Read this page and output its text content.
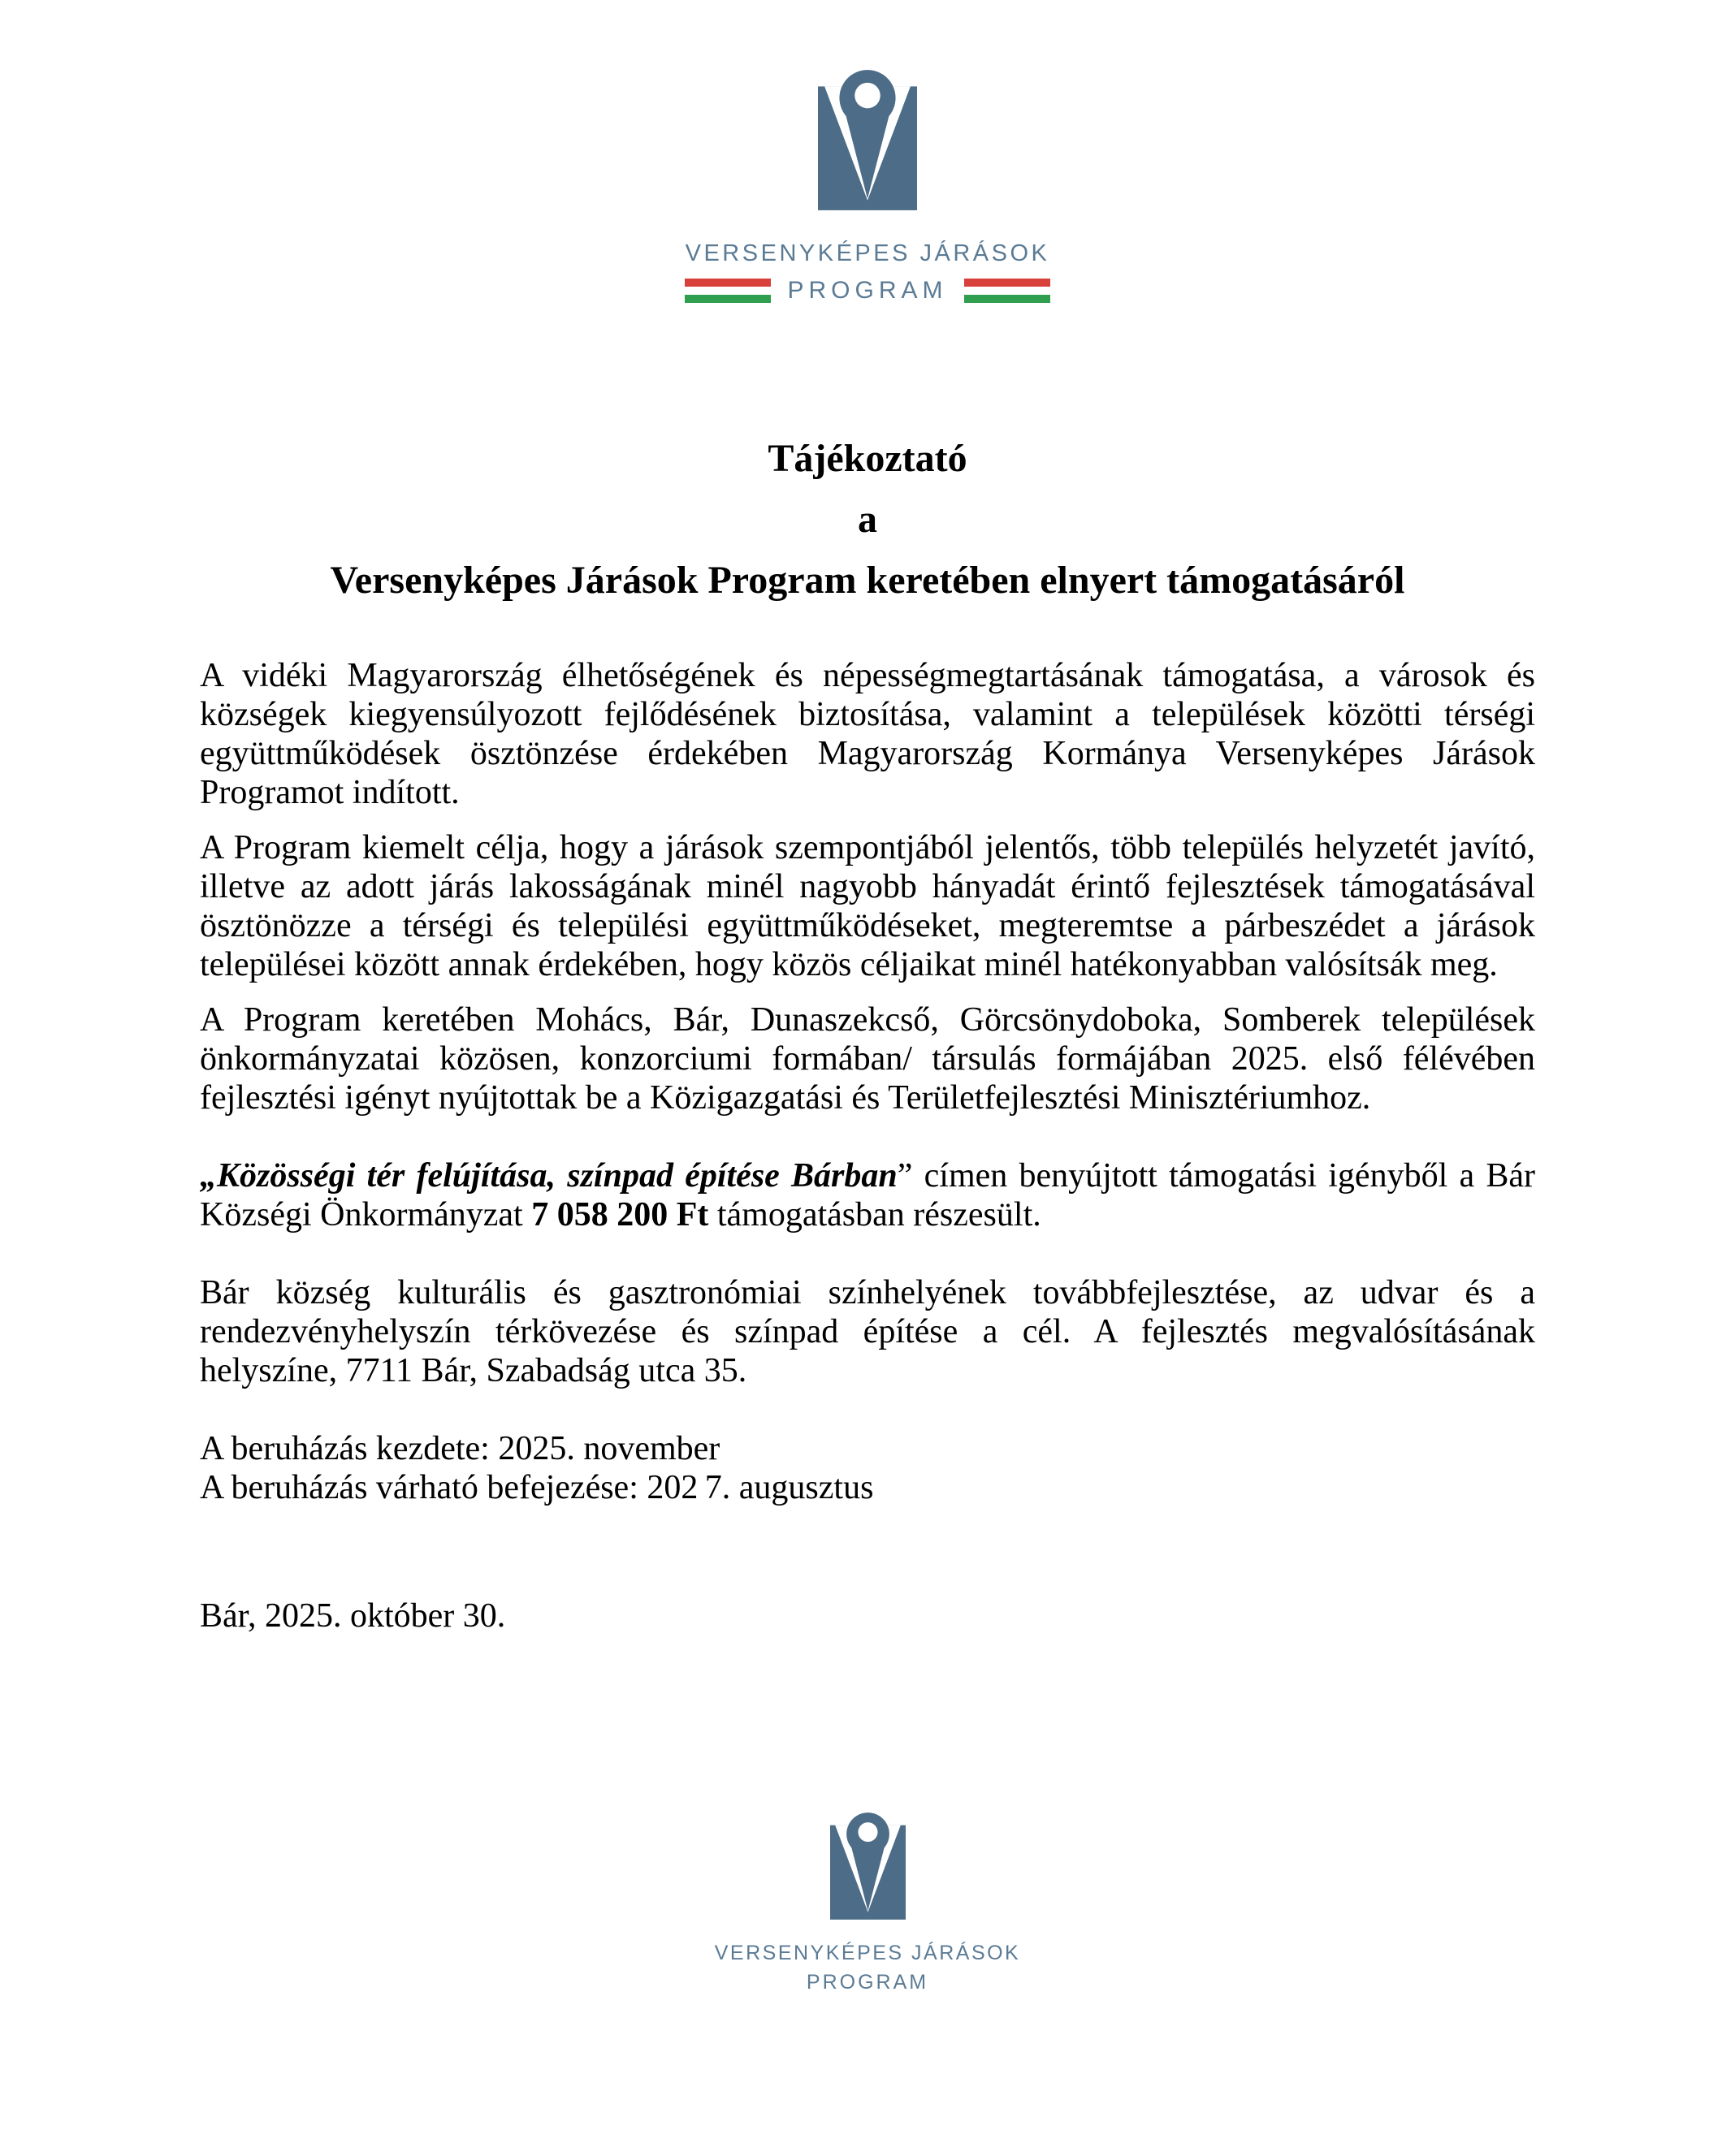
VERSENYKÉPES JÁRÁSOK
PROGRAM
Tájékoztató
a
Versenyképes Járások Program keretében elnyert támogatásáról

A vidéki Magyarország élhetőségének és népességmegtartásának támogatása, a városok és községek kiegyensúlyozott fejlődésének biztosítása, valamint a települések közötti térségi együttműködések ösztönzése érdekében Magyarország Kormánya Versenyképes Járások Programot indított.

A Program kiemelt célja, hogy a járások szempontjából jelentős, több település helyzetét javító, illetve az adott járás lakosságának minél nagyobb hányadát érintő fejlesztések támogatásával ösztönözze a térségi és települési együttműködéseket, megteremtse a párbeszédet a járások települései között annak érdekében, hogy közös céljaikat minél hatékonyabban valósítsák meg.

A Program keretében Mohács, Bár, Dunaszekcső, Görcsönydoboka, Somberek települések önkormányzatai közösen, konzorciumi formában/ társulás formájában 2025. első félévében fejlesztési igényt nyújtottak be a Közigazgatási és Területfejlesztési Minisztériumhoz.

„Közösségi tér felújítása, színpad építése Bárban” címen benyújtott támogatási igényből a Bár Községi Önkormányzat 7 058 200 Ft támogatásban részesült.

Bár község kulturális és gasztronómiai színhelyének továbbfejlesztése, az udvar és a rendezvényhelyszín térkövezése és színpad építése a cél. A fejlesztés megvalósításának helyszíne, 7711 Bár, Szabadság utca 35.

A beruházás kezdete: 2025. november
A beruházás várható befejezése: 202 7. augusztus
Bár, 2025. október 30.
VERSENYKÉPES JÁRÁSOK
PROGRAM
